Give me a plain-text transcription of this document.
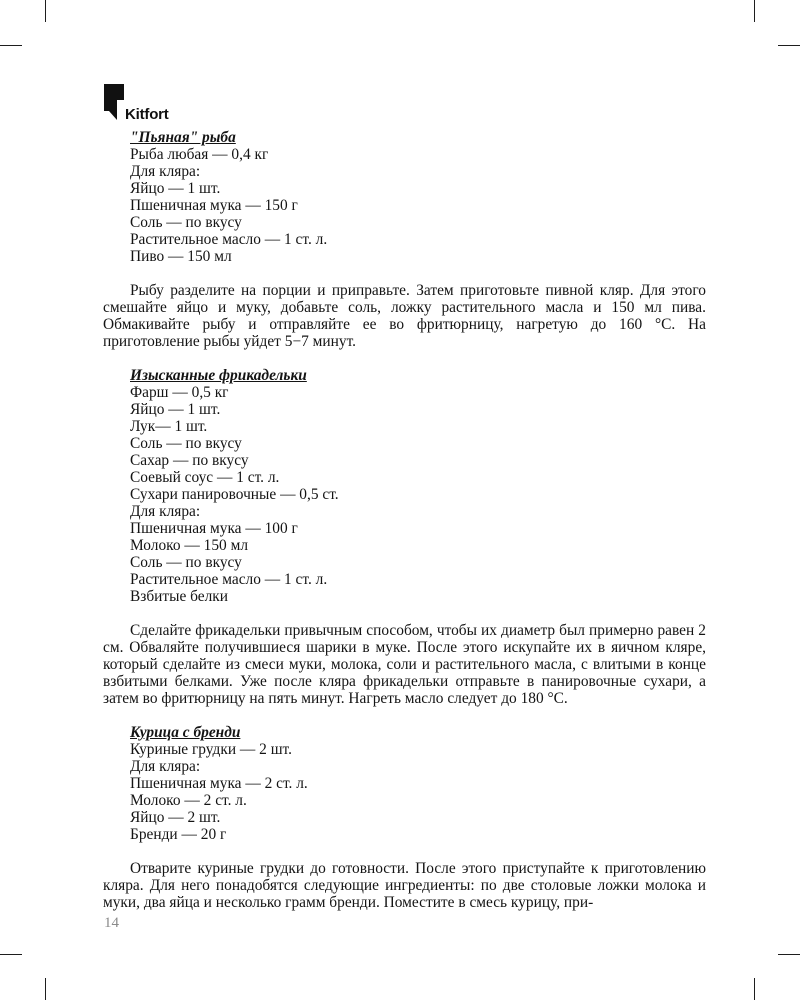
Kitfort
"Пьяная" рыба
Рыба любая — 0,4 кг
Для кляра:
Яйцо — 1 шт.
Пшеничная мука — 150 г
Соль — по вкусу
Растительное масло — 1 ст. л.
Пиво — 150 мл

Рыбу разделите на порции и приправьте. Затем приготовьте пивной кляр. Для этого смешайте яйцо и муку, добавьте соль, ложку растительного масла и 150 мл пива. Обмакивайте рыбу и отправляйте ее во фритюрницу, нагретую до 160 °С. На приготовление рыбы уйдет 5−7 минут.

Изысканные фрикадельки
Фарш — 0,5 кг
Яйцо — 1 шт.
Лук— 1 шт.
Соль — по вкусу
Сахар — по вкусу
Соевый соус — 1 ст. л.
Сухари панировочные — 0,5 ст.
Для кляра:
Пшеничная мука — 100 г
Молоко — 150 мл
Соль — по вкусу
Растительное масло — 1 ст. л.
Взбитые белки

Сделайте фрикадельки привычным способом, чтобы их диаметр был примерно равен 2 см. Обваляйте получившиеся шарики в муке. После этого искупайте их в яичном кляре, который сделайте из смеси муки, молока, соли и растительного масла, с влитыми в конце взбитыми белками. Уже после кляра фрикадельки отправьте в панировочные сухари, а затем во фритюрницу на пять минут. Нагреть масло следует до 180 °С.

Курица с бренди
Куриные грудки — 2 шт.
Для кляра:
Пшеничная мука — 2 ст. л.
Молоко — 2 ст. л.
Яйцо — 2 шт.
Бренди — 20 г

Отварите куриные грудки до готовности. После этого приступайте к приготовлению кляра. Для него понадобятся следующие ингредиенты: по две столовые ложки молока и муки, два яйца и несколько грамм бренди. Поместите в смесь курицу, при-

14
